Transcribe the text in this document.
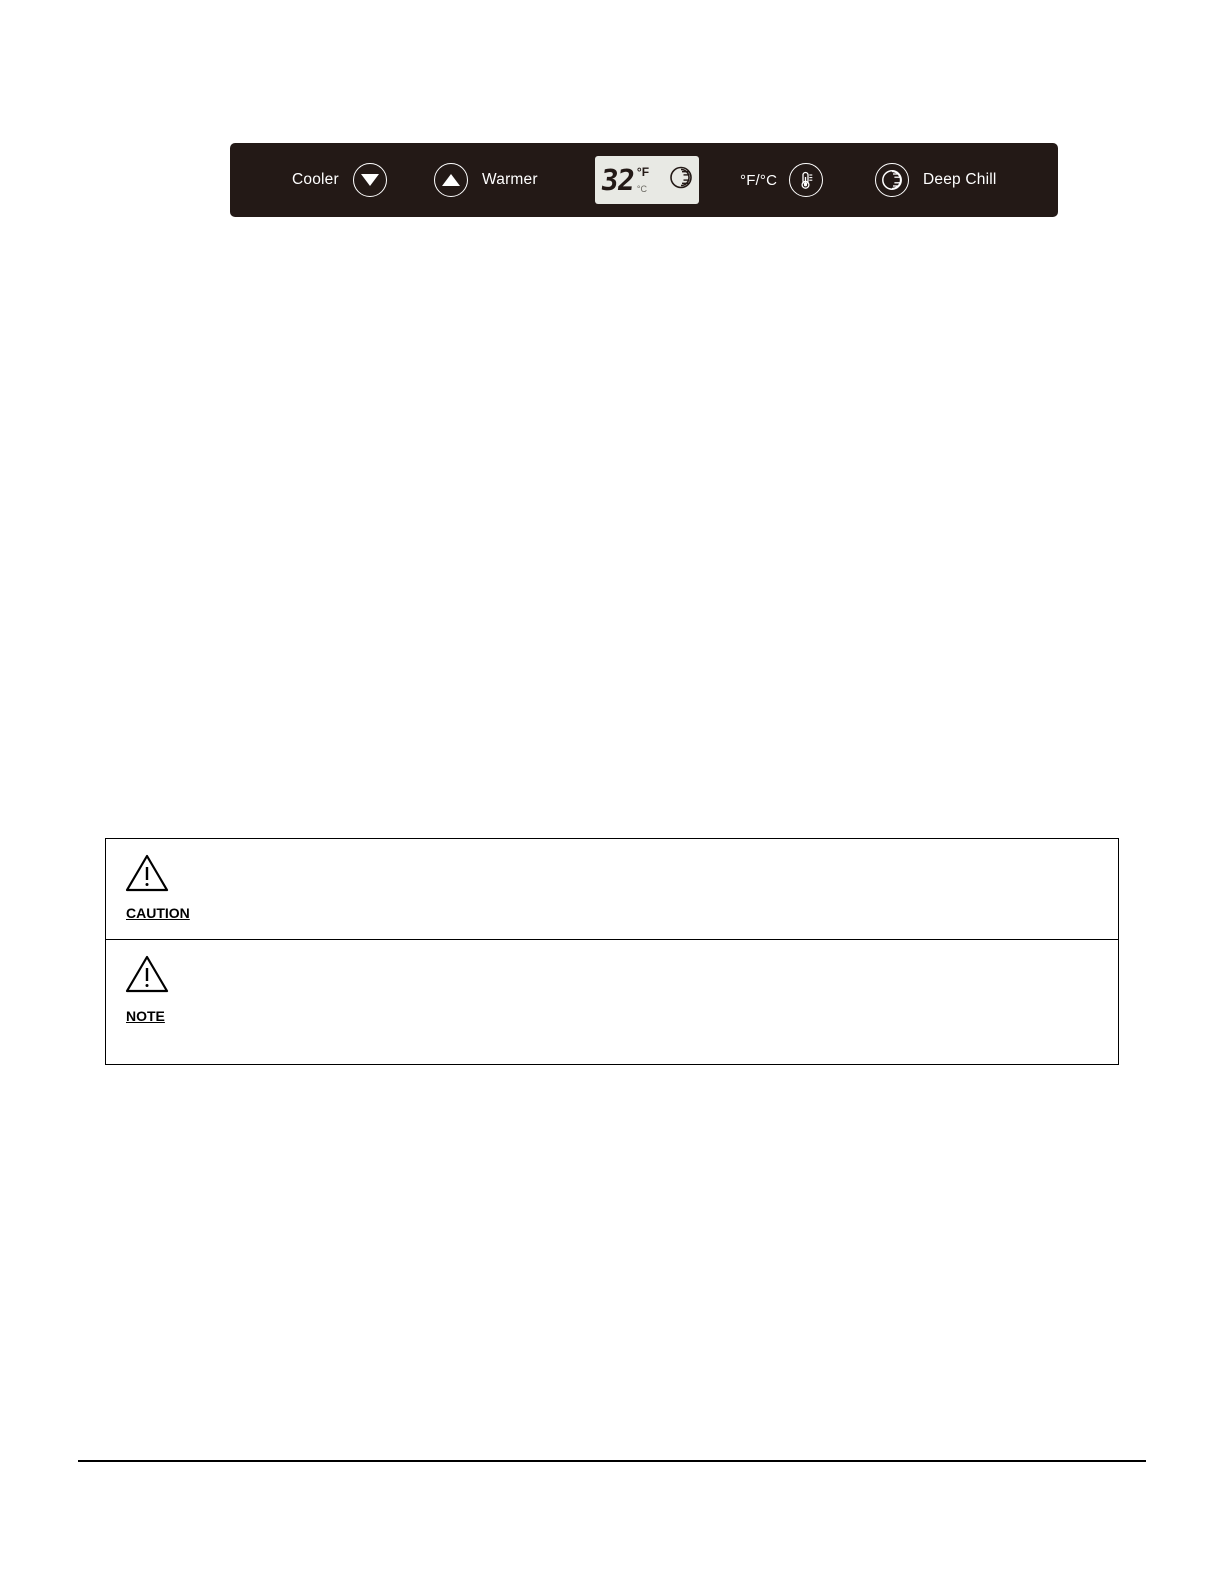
Cooler	Warmer 32 °F
°C
°F/°C	Deep Chill
CAUTION
NOTE
